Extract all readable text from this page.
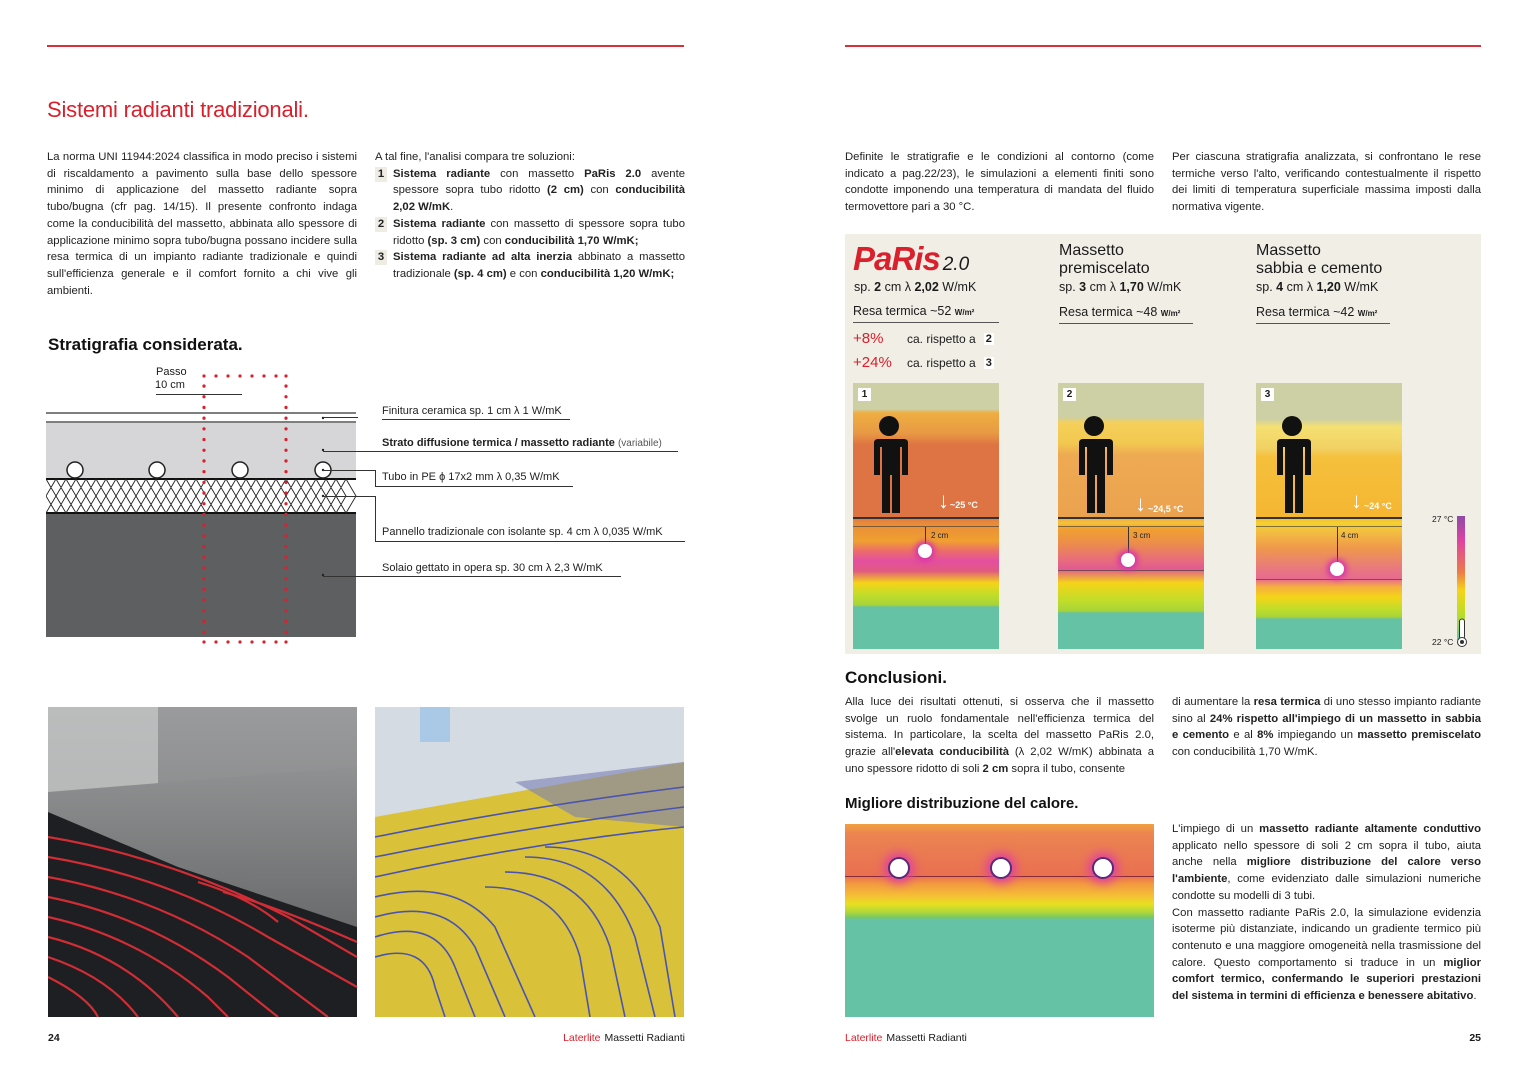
Sistemi radianti tradizionali.

La norma UNI 11944:2024 classifica in modo preciso i sistemi di riscaldamento a pavimento sulla base dello spessore minimo di applicazione del massetto radiante sopra tubo/bugna (cfr pag. 14/15). Il presente confronto indaga come la conducibilità del massetto, abbinata allo spessore di applicazione minimo sopra tubo/bugna possano incidere sulla resa termica di un impianto radiante tradizionale e quindi sull'efficienza generale e il comfort fornito a chi vive gli ambienti.

A tal fine, l'analisi compara tre soluzioni:
1 Sistema radiante con massetto PaRis 2.0 avente spessore sopra tubo ridotto (2 cm) con conducibilità 2,02 W/mK.
2 Sistema radiante con massetto di spessore sopra tubo ridotto (sp. 3 cm) con conducibilità 1,70 W/mK;
3 Sistema radiante ad alta inerzia abbinato a massetto tradizionale (sp. 4 cm) e con conducibilità 1,20 W/mK;
Stratigrafia considerata.
Passo
10 cm
Finitura ceramica sp. 1 cm λ 1 W/mK
Strato diffusione termica / massetto radiante (variabile)
Tubo in PE ϕ 17x2 mm λ 0,35 W/mK
Pannello tradizionale con isolante sp. 4 cm λ 0,035 W/mK
Solaio gettato in opera sp. 30 cm λ 2,3 W/mK
24	Laterlite Massetti Radianti

Definite le stratigrafie e le condizioni al contorno (come indicato a pag.22/23), le simulazioni a elementi finiti sono condotte imponendo una temperatura di mandata del fluido termovettore pari a 30 °C.

Per ciascuna stratigrafia analizzata, si confrontano le rese termiche verso l'alto, verificando contestualmente il rispetto dei limiti di temperatura superficiale massima imposti dalla normativa vigente.

PaRis 2.0
sp. 2 cm λ 2,02 W/mK
Resa termica ~52 W/m²
+8%	ca. rispetto a 2
+24%	ca. rispetto a 3
Massetto
premiscelato
sp. 3 cm λ 1,70 W/mK
Resa termica ~48 W/m²
Massetto
sabbia e cemento
sp. 4 cm λ 1,20 W/mK
Resa termica ~42 W/m²
1
↓ ~25 °C
2 cm
2
↓ ~24,5 °C
3 cm
3
↓ ~24 °C
4 cm
27 °C
22 °C
Conclusioni.

Alla luce dei risultati ottenuti, si osserva che il massetto svolge un ruolo fondamentale nell'efficienza termica del sistema. In particolare, la scelta del massetto PaRis 2.0, grazie all'elevata conducibilità (λ 2,02 W/mK) abbinata a uno spessore ridotto di soli 2 cm sopra il tubo, consente

di aumentare la resa termica di uno stesso impianto radiante sino al 24% rispetto all'impiego di un massetto in sabbia e cemento e al 8% impiegando un massetto premiscelato con conducibilità 1,70 W/mK.

Migliore distribuzione del calore.

L'impiego di un massetto radiante altamente conduttivo applicato nello spessore di soli 2 cm sopra il tubo, aiuta anche nella migliore distribuzione del calore verso l'ambiente, come evidenziato dalle simulazioni numeriche condotte su modelli di 3 tubi.

Con massetto radiante PaRis 2.0, la simulazione evidenzia isoterme più distanziate, indicando un gradiente termico più contenuto e una maggiore omogeneità nella trasmissione del calore. Questo comportamento si traduce in un miglior comfort termico, confermando le superiori prestazioni del sistema in termini di efficienza e benessere abitativo.

Laterlite Massetti Radianti	25
